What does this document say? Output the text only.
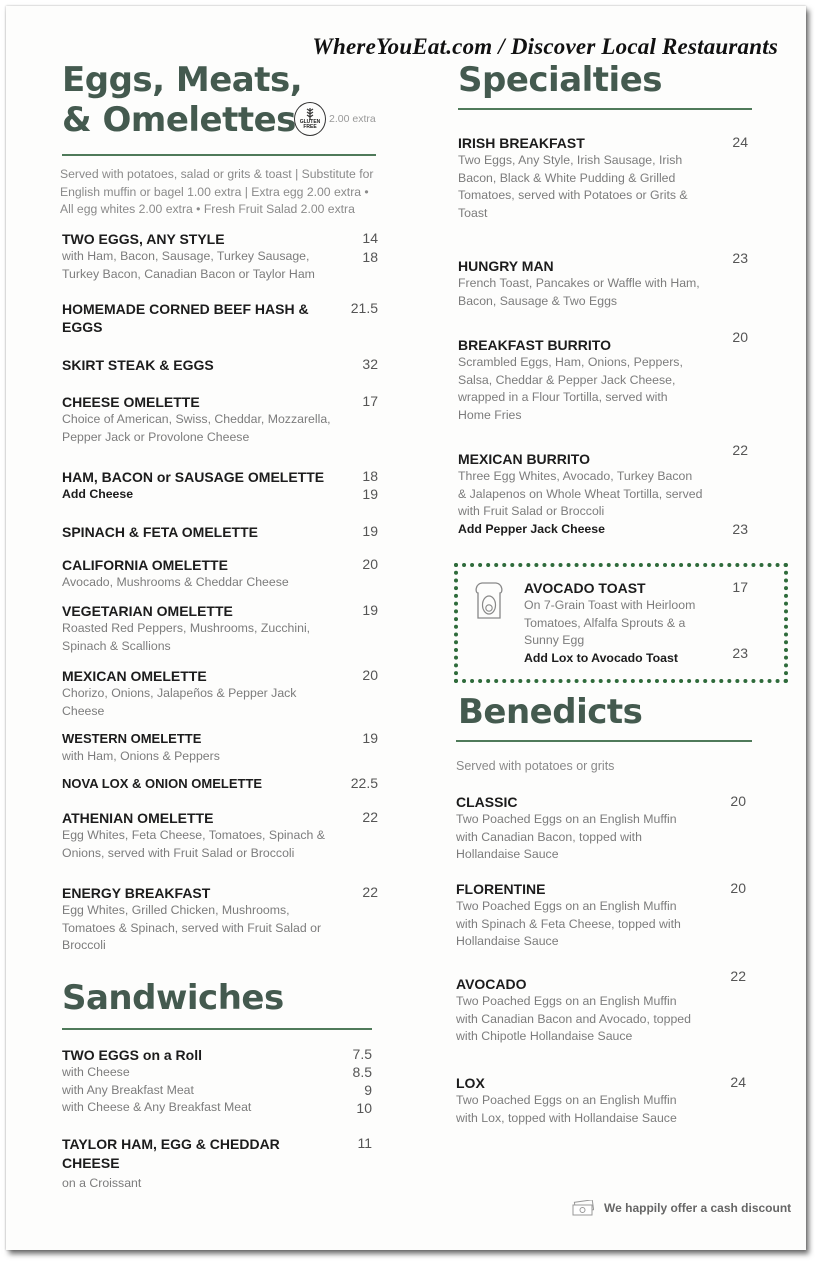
WhereYouEat.com / Discover Local Restaurants
Eggs, Meats,
& Omelettes GLUTEN
FREE
2.00 extra
Served with potatoes, salad or grits & toast | Substitute for English muffin or bagel 1.00 extra | Extra egg 2.00 extra • All egg whites 2.00 extra • Fresh Fruit Salad 2.00 extra
TWO EGGS, ANY STYLE
with Ham, Bacon, Sausage, Turkey Sausage, Turkey Bacon, Canadian Bacon or Taylor Ham
14
18
HOMEMADE CORNED BEEF HASH & EGGS
21.5
SKIRT STEAK & EGGS	32
CHEESE OMELETTE
Choice of American, Swiss, Cheddar, Mozzarella, Pepper Jack or Provolone Cheese
17
HAM, BACON or SAUSAGE OMELETTE
Add Cheese
18
19
SPINACH & FETA OMELETTE	19
CALIFORNIA OMELETTE
Avocado, Mushrooms & Cheddar Cheese
20
VEGETARIAN OMELETTE
Roasted Red Peppers, Mushrooms, Zucchini, Spinach & Scallions
19
MEXICAN OMELETTE
Chorizo, Onions, Jalapeños & Pepper Jack Cheese
20
WESTERN OMELETTE
with Ham, Onions & Peppers
19
NOVA LOX & ONION OMELETTE	22.5
ATHENIAN OMELETTE
Egg Whites, Feta Cheese, Tomatoes, Spinach & Onions, served with Fruit Salad or Broccoli
22
ENERGY BREAKFAST
Egg Whites, Grilled Chicken, Mushrooms, Tomatoes & Spinach, served with Fruit Salad or Broccoli
22
Sandwiches
TWO EGGS on a Roll
with Cheese
with Any Breakfast Meat
with Cheese & Any Breakfast Meat
7.5
8.5
9
10
TAYLOR HAM, EGG & CHEDDAR CHEESE
on a Croissant
11
Specialties
IRISH BREAKFAST
Two Eggs, Any Style, Irish Sausage, Irish Bacon, Black & White Pudding & Grilled Tomatoes, served with Potatoes or Grits & Toast
24
HUNGRY MAN
French Toast, Pancakes or Waffle with Ham, Bacon, Sausage & Two Eggs
23
BREAKFAST BURRITO
Scrambled Eggs, Ham, Onions, Peppers, Salsa, Cheddar & Pepper Jack Cheese, wrapped in a Flour Tortilla, served with Home Fries
20
MEXICAN BURRITO
Three Egg Whites, Avocado, Turkey Bacon & Jalapenos on Whole Wheat Tortilla, served with Fruit Salad or Broccoli
Add Pepper Jack Cheese
22
23
AVOCADO TOAST
On 7-Grain Toast with Heirloom Tomatoes, Alfalfa Sprouts & a Sunny Egg
Add Lox to Avocado Toast
17
23
Benedicts
Served with potatoes or grits
CLASSIC
Two Poached Eggs on an English Muffin with Canadian Bacon, topped with Hollandaise Sauce
20
FLORENTINE
Two Poached Eggs on an English Muffin with Spinach & Feta Cheese, topped with Hollandaise Sauce
20
AVOCADO
Two Poached Eggs on an English Muffin with Canadian Bacon and Avocado, topped with Chipotle Hollandaise Sauce
22
LOX
Two Poached Eggs on an English Muffin with Lox, topped with Hollandaise Sauce
24
We happily offer a cash discount
